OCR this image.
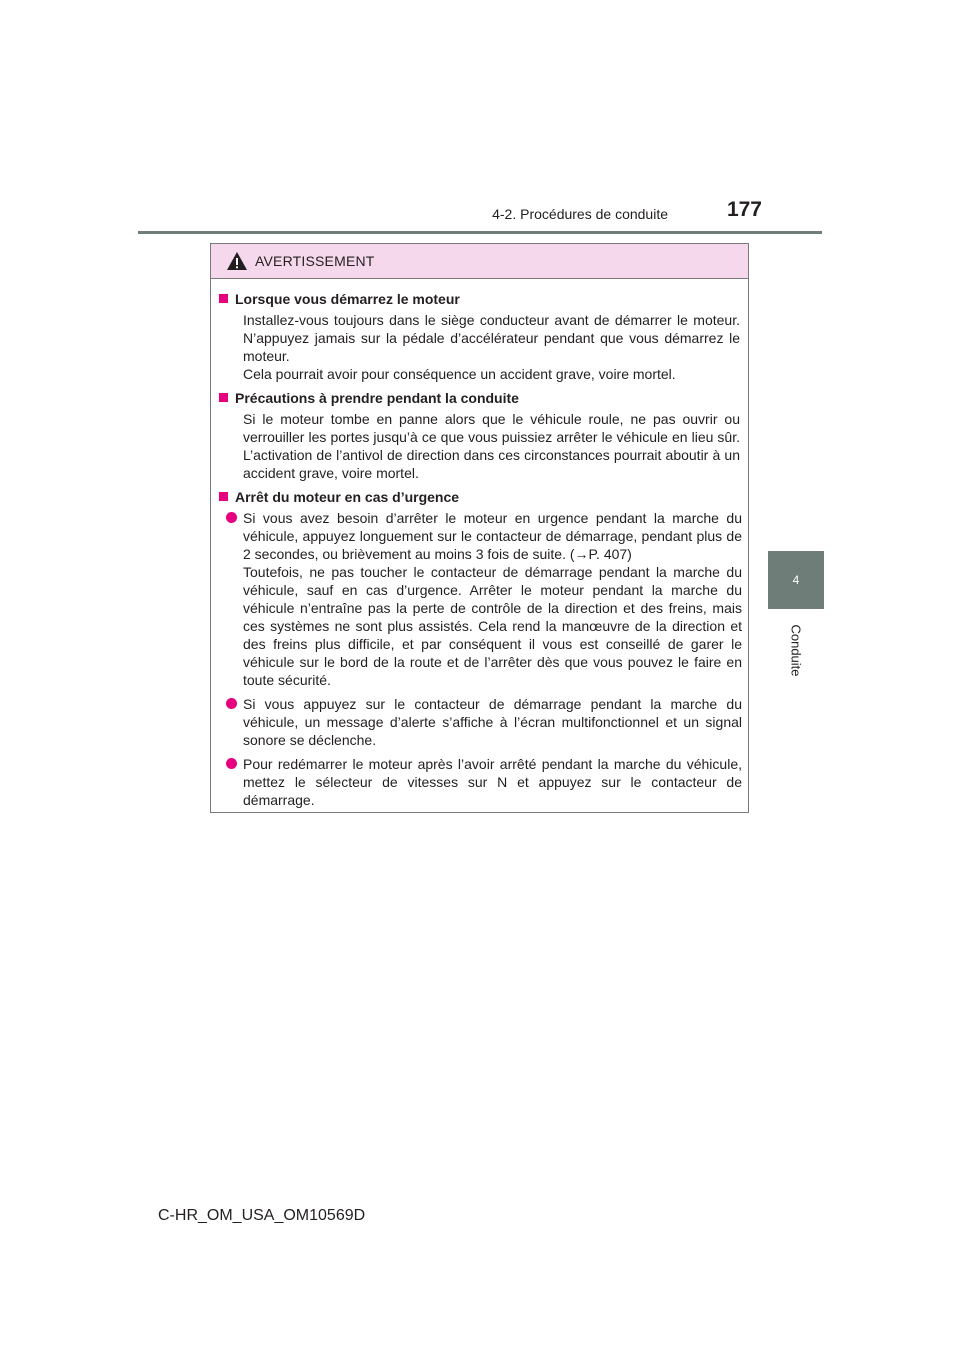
4-2. Procédures de conduite	177
4
Conduite
AVERTISSEMENT
Lorsque vous démarrez le moteur
Installez-vous toujours dans le siège conducteur avant de démarrer le moteur. N’appuyez jamais sur la pédale d’accélérateur pendant que vous démarrez le moteur.
Cela pourrait avoir pour conséquence un accident grave, voire mortel.
Précautions à prendre pendant la conduite
Si le moteur tombe en panne alors que le véhicule roule, ne pas ouvrir ou verrouiller les portes jusqu’à ce que vous puissiez arrêter le véhicule en lieu sûr. L’activation de l’antivol de direction dans ces circonstances pourrait aboutir à un accident grave, voire mortel.
Arrêt du moteur en cas d’urgence
Si vous avez besoin d’arrêter le moteur en urgence pendant la marche du véhicule, appuyez longuement sur le contacteur de démarrage, pendant plus de 2 secondes, ou brièvement au moins 3 fois de suite. (→P. 407)
Toutefois, ne pas toucher le contacteur de démarrage pendant la marche du véhicule, sauf en cas d’urgence. Arrêter le moteur pendant la marche du véhicule n’entraîne pas la perte de contrôle de la direction et des freins, mais ces systèmes ne sont plus assistés. Cela rend la manœuvre de la direction et des freins plus difficile, et par conséquent il vous est conseillé de garer le véhicule sur le bord de la route et de l’arrêter dès que vous pouvez le faire en toute sécurité.
Si vous appuyez sur le contacteur de démarrage pendant la marche du véhicule, un message d’alerte s’affiche à l’écran multifonctionnel et un signal sonore se déclenche.
Pour redémarrer le moteur après l’avoir arrêté pendant la marche du véhicule, mettez le sélecteur de vitesses sur N et appuyez sur le contacteur de démarrage.
C-HR_OM_USA_OM10569D
